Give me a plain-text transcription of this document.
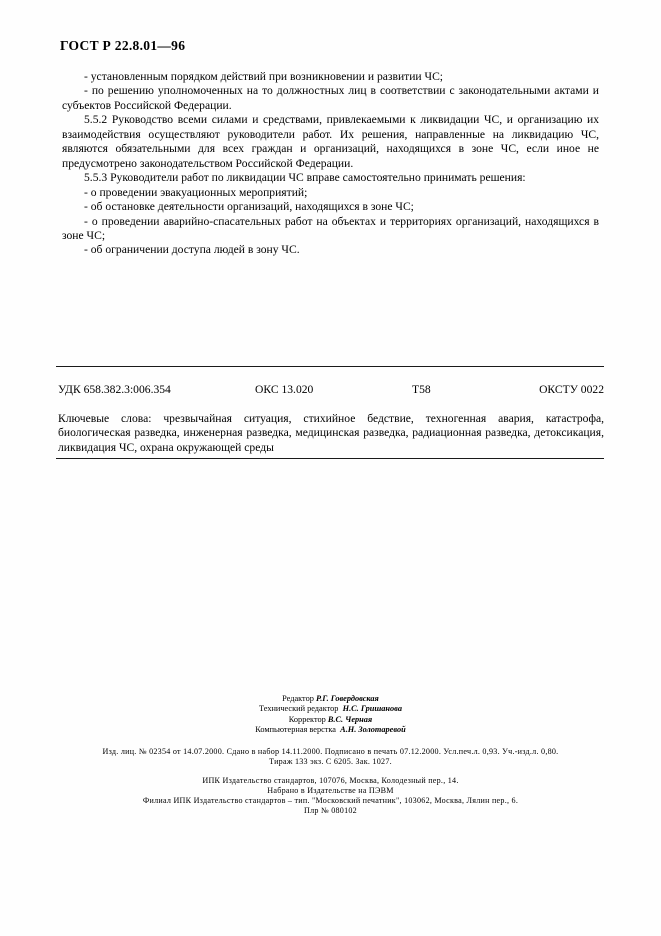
ГОСТ Р 22.8.01—96

- установленным порядком действий при возникновении и развитии ЧС;

- по решению уполномоченных на то должностных лиц в соответствии с законодательными актами и субъектов Российской Федерации.

5.5.2 Руководство всеми силами и средствами, привлекаемыми к ликвидации ЧС, и организацию их взаимодействия осуществляют руководители работ. Их решения, направленные на ликвидацию ЧС, являются обязательными для всех граждан и организаций, находящихся в зоне ЧС, если иное не предусмотрено законодательством Российской Федерации.

5.5.3 Руководители работ по ликвидации ЧС вправе самостоятельно принимать решения:

- о проведении эвакуационных мероприятий;

- об остановке деятельности организаций, находящихся в зоне ЧС;

- о проведении аварийно-спасательных работ на объектах и территориях организаций, находящихся в зоне ЧС;

- об ограничении доступа людей в зону ЧС.

УДК 658.382.3:006.354	ОКС 13.020	Т58	ОКСТУ 0022

Ключевые слова: чрезвычайная ситуация, стихийное бедствие, техногенная авария, катастрофа, биологическая разведка, инженерная разведка, медицинская разведка, радиационная разведка, детоксикация, ликвидация ЧС, охрана окружающей среды

Редактор Р.Г. Говердовская
Технический редактор Н.С. Гришанова
Корректор В.С. Черная
Компьютерная верстка А.Н. Золотаревой
Изд. лиц. № 02354 от 14.07.2000. Сдано в набор 14.11.2000. Подписано в печать 07.12.2000. Усл.печ.л. 0,93. Уч.-изд.л. 0,80.
Тираж 133 экз. С 6205. Зак. 1027.
ИПК Издательство стандартов, 107076, Москва, Колодезный пер., 14.
Набрано в Издательстве на ПЭВМ
Филиал ИПК Издательство стандартов – тип. "Московский печатник", 103062, Москва, Лялин пер., 6.
Плр № 080102
